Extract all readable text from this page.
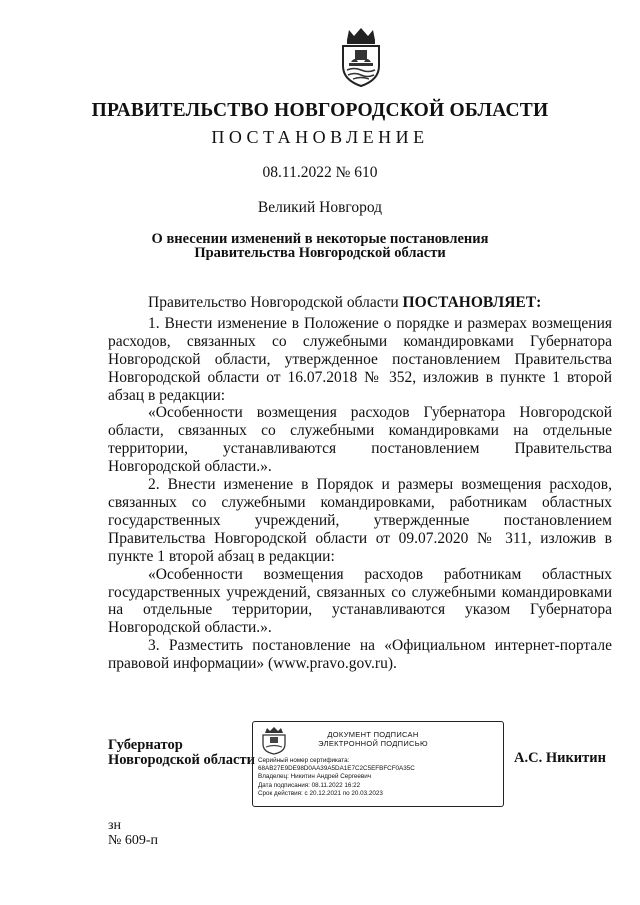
ПРАВИТЕЛЬСТВО НОВГОРОДСКОЙ ОБЛАСТИ
ПОСТАНОВЛЕНИЕ
08.11.2022 № 610
Великий Новгород
О внесении изменений в некоторые постановления
Правительства Новгородской области

Правительство Новгородской области ПОСТАНОВЛЯЕТ:

1. Внести изменение в Положение о порядке и размерах возмещения расходов, связанных со служебными командировками Губернатора Новгородской области, утвержденное постановлением Правительства Новгородской области от 16.07.2018 № 352, изложив в пункте 1 второй абзац в редакции:

«Особенности возмещения расходов Губернатора Новгородской области, связанных со служебными командировками на отдельные территории, устанавливаются постановлением Правительства Новгородской области.».

2. Внести изменение в Порядок и размеры возмещения расходов, связанных со служебными командировками, работникам областных государственных учреждений, утвержденные постановлением Правительства Новгородской области от 09.07.2020 № 311, изложив в пункте 1 второй абзац в редакции:

«Особенности возмещения расходов работникам областных государственных учреждений, связанных со служебными командировками на отдельные территории, устанавливаются указом Губернатора Новгородской области.».

3. Разместить постановление на «Официальном интернет-портале правовой информации» (www.pravo.gov.ru).

Губернатор
Новгородской области
ДОКУМЕНТ ПОДПИСАН
ЭЛЕКТРОННОЙ ПОДПИСЬЮ
Серийный номер сертификата:
68AB27E9DE98D0AA39A5DA1E7C2C5EFBFCF0A35C
Владелец: Никитин Андрей Сергеевич
Дата подписания: 08.11.2022 16:22
Срок действия: с 20.12.2021 по 20.03.2023
А.С. Никитин
зн
№ 609-п
